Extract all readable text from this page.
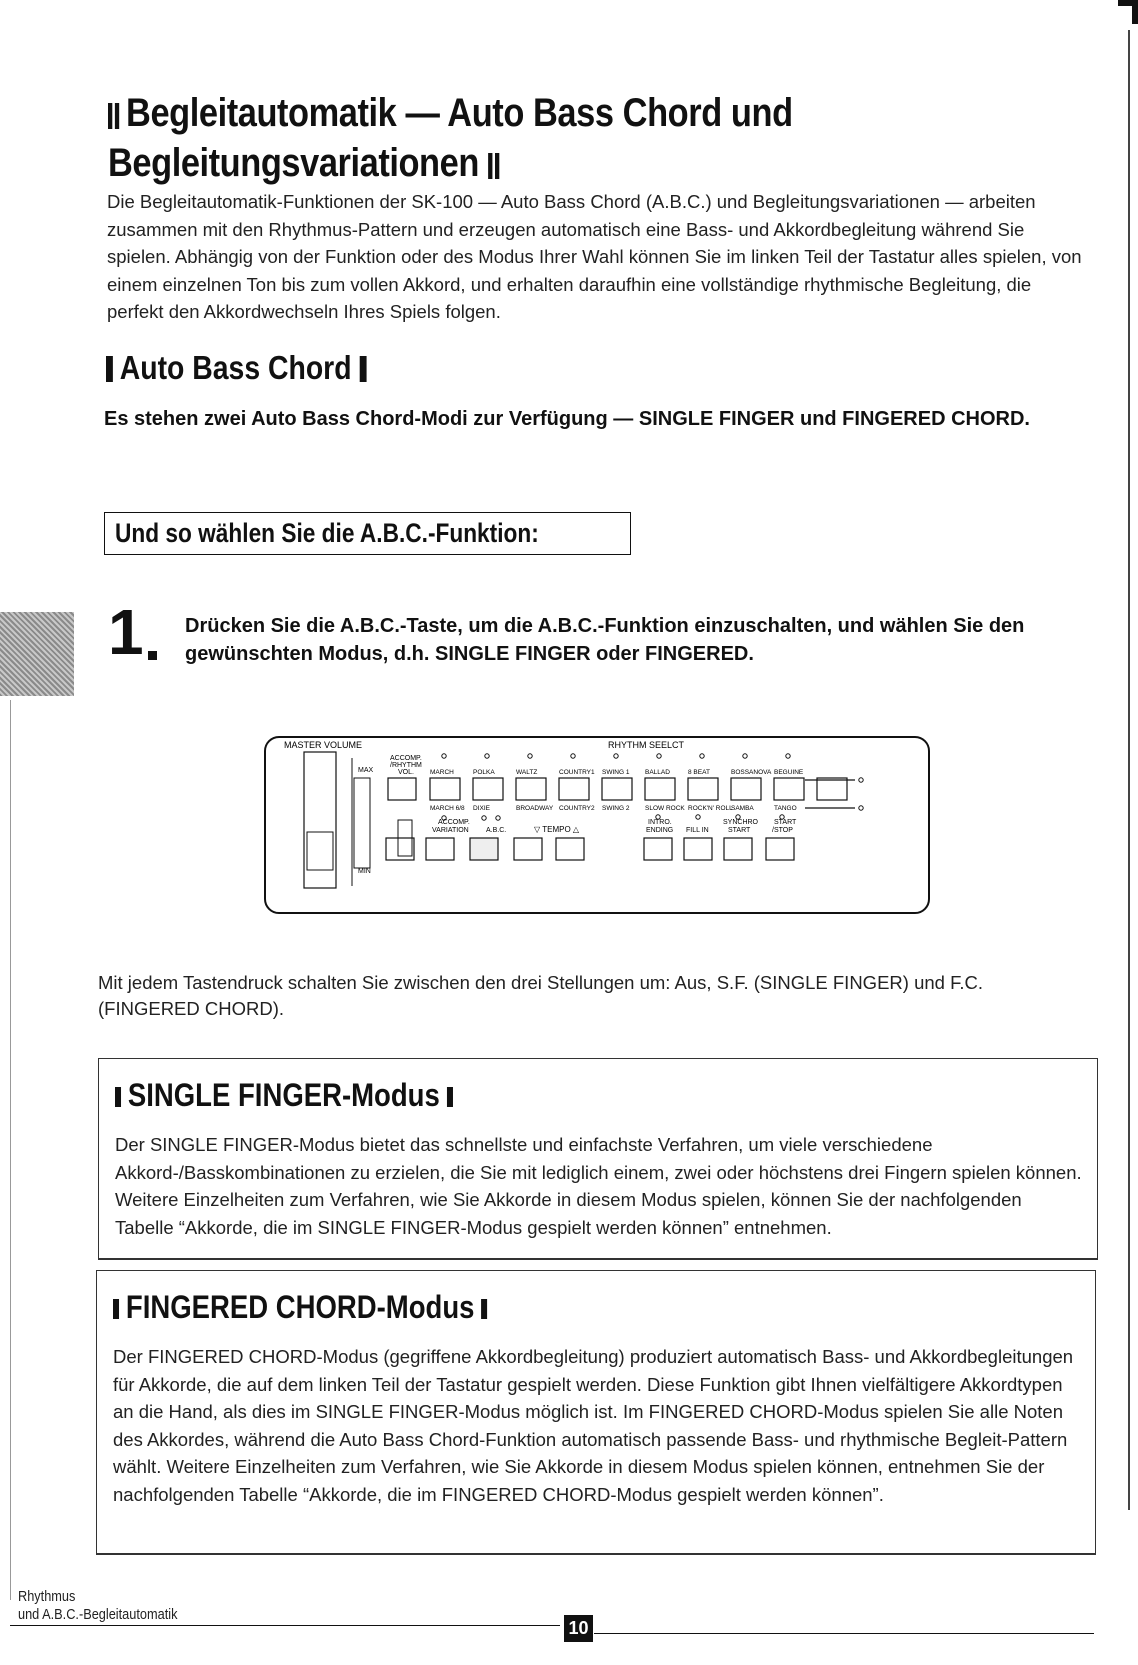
Begleitautomatik — Auto Bass Chord und
Begleitungsvariationen
Die Begleitautomatik-Funktionen der SK-100 — Auto Bass Chord (A.B.C.) und Begleitungsvariationen — arbeiten zusammen mit den Rhythmus-Pattern und erzeugen automatisch eine Bass- und Akkordbegleitung während Sie spielen. Abhängig von der Funktion oder des Modus Ihrer Wahl können Sie im linken Teil der Tastatur alles spielen, von einem einzelnen Ton bis zum vollen Akkord, und erhalten daraufhin eine vollständige rhythmische Begleitung, die perfekt den Akkordwechseln Ihres Spiels folgen.
Auto Bass Chord
Es stehen zwei Auto Bass Chord-Modi zur Verfügung — SINGLE FINGER und FINGERED CHORD.
Und so wählen Sie die A.B.C.-Funktion:
1 Drücken Sie die A.B.C.-Taste, um die A.B.C.-Funktion einzuschalten, und wählen Sie den gewünschten Modus, d.h. SINGLE FINGER oder FINGERED.
MASTER VOLUME	RHYTHM SEELCT
MAX
MIN
ACCOMP.
/RHYTHM
VOL. MARCH
MARCH 6/8
POLKA
DIXIE
WALTZ
BROADWAY
COUNTRY1
COUNTRY2
SWING 1
SWING 2
BALLAD
SLOW ROCK
8 BEAT
ROCK'N' ROLL
BOSSANOVA
SAMBA
BEGUINE
TANGO
ACCOMP.
VARIATION A.B.C.	▽ TEMPO △
INTRO.
ENDING FILL IN
SYNCHRO
START
START
/STOP
Mit jedem Tastendruck schalten Sie zwischen den drei Stellungen um: Aus, S.F. (SINGLE FINGER) und F.C. (FINGERED CHORD).
SINGLE FINGER-Modus
Der SINGLE FINGER-Modus bietet das schnellste und einfachste Verfahren, um viele verschiedene Akkord-/Basskombinationen zu erzielen, die Sie mit lediglich einem, zwei oder höchstens drei Fingern spielen können. Weitere Einzelheiten zum Verfahren, wie Sie Akkorde in diesem Modus spielen, können Sie der nachfolgenden Tabelle “Akkorde, die im SINGLE FINGER-Modus gespielt werden können” entnehmen.
FINGERED CHORD-Modus
Der FINGERED CHORD-Modus (gegriffene Akkordbegleitung) produziert automatisch Bass- und Akkordbegleitungen für Akkorde, die auf dem linken Teil der Tastatur gespielt werden. Diese Funktion gibt Ihnen vielfältigere Akkordtypen an die Hand, als dies im SINGLE FINGER-Modus möglich ist. Im FINGERED CHORD-Modus spielen Sie alle Noten des Akkordes, während die Auto Bass Chord-Funktion automatisch passende Bass- und rhythmische Begleit-Pattern wählt. Weitere Einzelheiten zum Verfahren, wie Sie Akkorde in diesem Modus spielen können, entnehmen Sie der nachfolgenden Tabelle “Akkorde, die im FINGERED CHORD-Modus gespielt werden können”.
Rhythmus
und A.B.C.-Begleitautomatik
10
